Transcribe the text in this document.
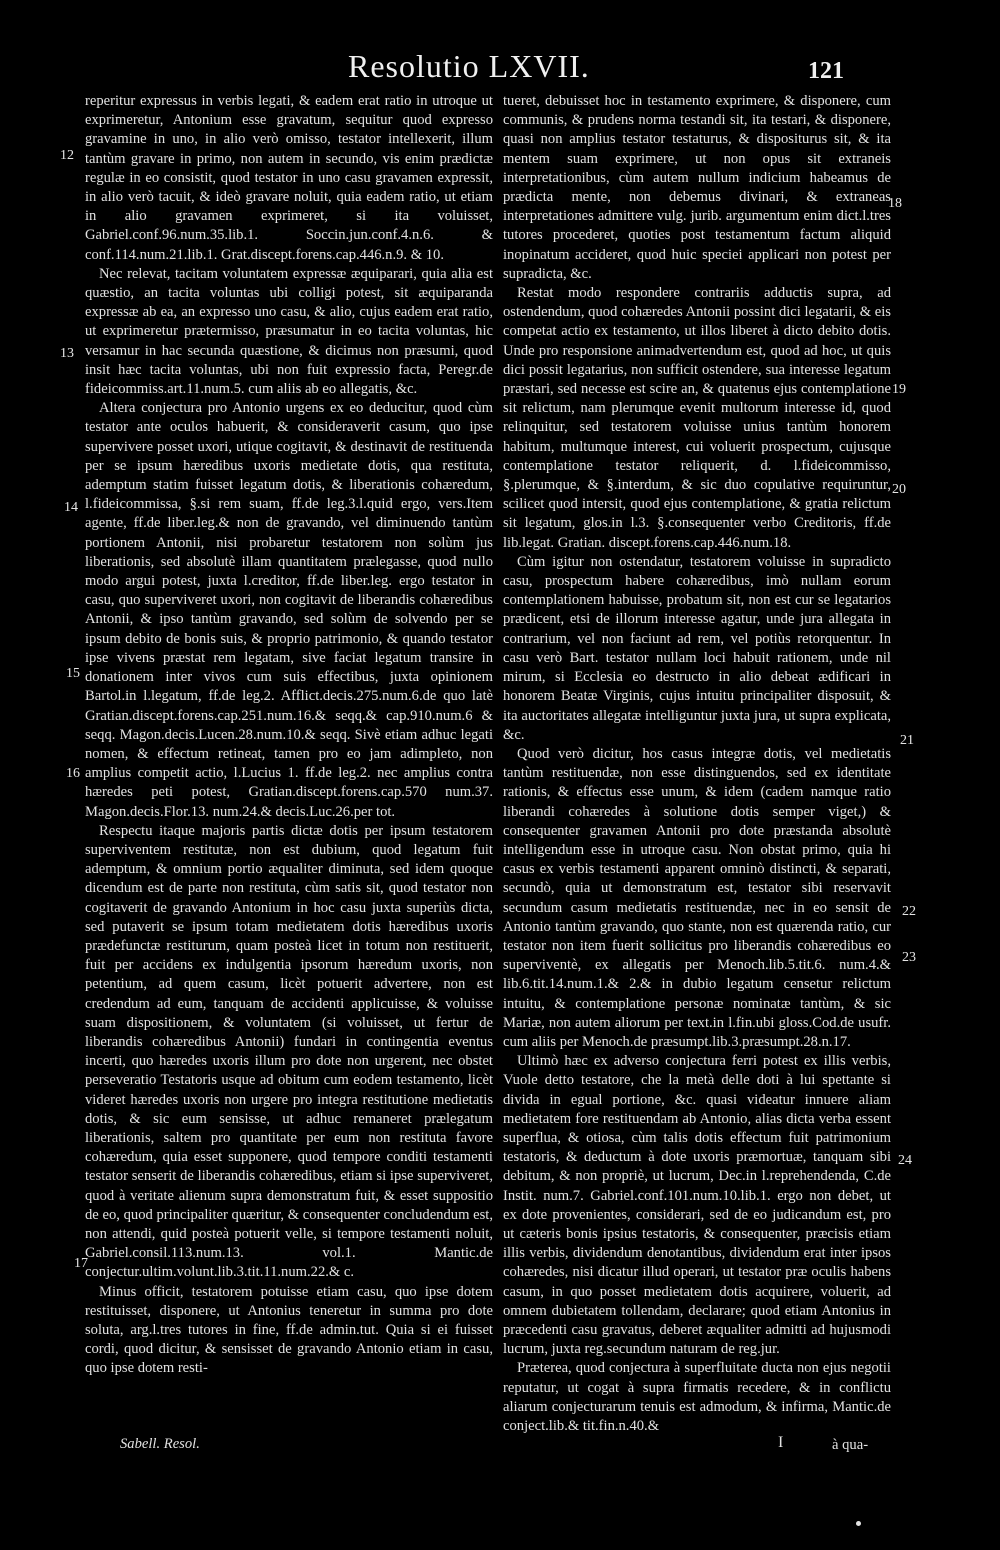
Resolutio LXVII.	121

reperitur expressus in verbis legati, & eadem erat ratio in utroque ut exprimeretur, Antonium esse gravatum, sequitur quod expresso gravamine in uno, in alio verò omisso, testator intellexerit, illum tantùm gravare in primo, non autem in secundo, vis enim prædictæ regulæ in eo consistit, quod testator in uno casu gravamen expressit, in alio verò tacuit, & ideò gravare noluit, quia eadem ratio, ut etiam in alio gravamen exprimeret, si ita voluisset, Gabriel.conf.96.num.35.lib.1. Soccin.jun.conf.4.n.6. & conf.114.num.21.lib.1. Grat.discept.forens.cap.446.n.9. & 10.

Nec relevat, tacitam voluntatem expressæ æquiparari, quia alia est quæstio, an tacita voluntas ubi colligi potest, sit æquiparanda expressæ ab ea, an expresso uno casu, & alio, cujus eadem erat ratio, ut exprimeretur prætermisso, præsumatur in eo tacita voluntas, hic versamur in hac secunda quæstione, & dicimus non præsumi, quod insit hæc tacita voluntas, ubi non fuit expressio facta, Peregr.de fideicommiss.art.11.num.5. cum aliis ab eo allegatis, &c.

Altera conjectura pro Antonio urgens ex eo deducitur, quod cùm testator ante oculos habuerit, & consideraverit casum, quo ipse supervivere posset uxori, utique cogitavit, & destinavit de restituenda per se ipsum hæredibus uxoris medietate dotis, qua restituta, ademptum statim fuisset legatum dotis, & liberationis cohæredum, l.fideicommissa, §.si rem suam, ff.de leg.3.l.quid ergo, vers.Item agente, ff.de liber.leg.& non de gravando, vel diminuendo tantùm portionem Antonii, nisi probaretur testatorem non solùm jus liberationis, sed absolutè illam quantitatem prælegasse, quod nullo modo argui potest, juxta l.creditor, ff.de liber.leg. ergo testator in casu, quo superviveret uxori, non cogitavit de liberandis cohæredibus Antonii, & ipso tantùm gravando, sed solùm de solvendo per se ipsum debito de bonis suis, & proprio patrimonio, & quando testator ipse vivens præstat rem legatam, sive faciat legatum transire in donationem inter vivos cum suis effectibus, juxta opinionem Bartol.in l.legatum, ff.de leg.2. Afflict.decis.275.num.6.de quo latè Gratian.discept.forens.cap.251.num.16.& seqq.& cap.910.num.6 & seqq. Magon.decis.Lucen.28.num.10.& seqq. Sivè etiam adhuc legati nomen, & effectum retineat, tamen pro eo jam adimpleto, non amplius competit actio, l.Lucius 1. ff.de leg.2. nec amplius contra hæredes peti potest, Gratian.discept.forens.cap.570 num.37. Magon.decis.Flor.13. num.24.& decis.Luc.26.per tot.

Respectu itaque majoris partis dictæ dotis per ipsum testatorem superviventem restitutæ, non est dubium, quod legatum fuit ademptum, & omnium portio æqualiter diminuta, sed idem quoque dicendum est de parte non restituta, cùm satis sit, quod testator non cogitaverit de gravando Antonium in hoc casu juxta superiùs dicta, sed putaverit se ipsum totam medietatem dotis hæredibus uxoris prædefunctæ restiturum, quam posteà licet in totum non restituerit, fuit per accidens ex indulgentia ipsorum hæredum uxoris, non petentium, ad quem casum, licèt potuerit advertere, non est credendum ad eum, tanquam de accidenti applicuisse, & voluisse suam dispositionem, & voluntatem (si voluisset, ut fertur de liberandis cohæredibus Antonii) fundari in contingentia eventus incerti, quo hæredes uxoris illum pro dote non urgerent, nec obstet perseveratio Testatoris usque ad obitum cum eodem testamento, licèt videret hæredes uxoris non urgere pro integra restitutione medietatis dotis, & sic eum sensisse, ut adhuc remaneret prælegatum liberationis, saltem pro quantitate per eum non restituta favore cohæredum, quia esset supponere, quod tempore conditi testamenti testator senserit de liberandis cohæredibus, etiam si ipse superviveret, quod à veritate alienum supra demonstratum fuit, & esset suppositio de eo, quod principaliter quæritur, & consequenter concludendum est, non attendi, quid posteà potuerit velle, si tempore testamenti noluit, Gabriel.consil.113.num.13. vol.1. Mantic.de conjectur.ultim.volunt.lib.3.tit.11.num.22.& c.

Minus officit, testatorem potuisse etiam casu, quo ipse dotem restituisset, disponere, ut Antonius teneretur in summa pro dote soluta, arg.l.tres tutores in fine, ff.de admin.tut. Quia si ei fuisset cordi, quod dicitur, & sensisset de gravando Antonio etiam in casu, quo ipse dotem resti-

tueret, debuisset hoc in testamento exprimere, & disponere, cum communis, & prudens norma testandi sit, ita testari, & disponere, quasi non amplius testator testaturus, & dispositurus sit, & ita mentem suam exprimere, ut non opus sit extraneis interpretationibus, cùm autem nullum indicium habeamus de prædicta mente, non debemus divinari, & extraneas interpretationes admittere vulg. jurib. argumentum enim dict.l.tres tutores procederet, quoties post testamentum factum aliquid inopinatum accideret, quod huic speciei applicari non potest per supradicta, &c.

Restat modo respondere contrariis adductis supra, ad ostendendum, quod cohæredes Antonii possint dici legatarii, & eis competat actio ex testamento, ut illos liberet à dicto debito dotis. Unde pro responsione animadvertendum est, quod ad hoc, ut quis dici possit legatarius, non sufficit ostendere, sua interesse legatum præstari, sed necesse est scire an, & quatenus ejus contemplatione sit relictum, nam plerumque evenit multorum interesse id, quod relinquitur, sed testatorem voluisse unius tantùm honorem habitum, multumque interest, cui voluerit prospectum, cujusque contemplatione testator reliquerit, d. l.fideicommisso, §.plerumque, & §.interdum, & sic duo copulative requiruntur, scilicet quod intersit, quod ejus contemplatione, & gratia relictum sit legatum, glos.in l.3. §.consequenter verbo Creditoris, ff.de lib.legat. Gratian. discept.forens.cap.446.num.18.

Cùm igitur non ostendatur, testatorem voluisse in supradicto casu, prospectum habere cohæredibus, imò nullam eorum contemplationem habuisse, probatum sit, non est cur se legatarios prædicent, etsi de illorum interesse agatur, unde jura allegata in contrarium, vel non faciunt ad rem, vel potiùs retorquentur. In casu verò Bart. testator nullam loci habuit rationem, unde nil mirum, si Ecclesia eo destructo in alio debeat ædificari in honorem Beatæ Virginis, cujus intuitu principaliter disposuit, & ita auctoritates allegatæ intelliguntur juxta jura, ut supra explicata, &c.

Quod verò dicitur, hos casus integræ dotis, vel medietatis tantùm restituendæ, non esse distinguendos, sed ex identitate rationis, & effectus esse unum, & idem (cadem namque ratio liberandi cohæredes à solutione dotis semper viget,) & consequenter gravamen Antonii pro dote præstanda absolutè intelligendum esse in utroque casu. Non obstat primo, quia hi casus ex verbis testamenti apparent omninò distincti, & separati, secundò, quia ut demonstratum est, testator sibi reservavit secundum casum medietatis restituendæ, nec in eo sensit de Antonio tantùm gravando, quo stante, non est quærenda ratio, cur testator non item fuerit sollicitus pro liberandis cohæredibus eo superviventè, ex allegatis per Menoch.lib.5.tit.6. num.4.& lib.6.tit.14.num.1.& 2.& in dubio legatum censetur relictum intuitu, & contemplatione personæ nominatæ tantùm, & sic Mariæ, non autem aliorum per text.in l.fin.ubi gloss.Cod.de usufr. cum aliis per Menoch.de præsumpt.lib.3.præsumpt.28.n.17.

Ultimò hæc ex adverso conjectura ferri potest ex illis verbis, Vuole detto testatore, che la metà delle doti à lui spettante si divida in egual portione, &c. quasi videatur innuere aliam medietatem fore restituendam ab Antonio, alias dicta verba essent superflua, & otiosa, cùm talis dotis effectum fuit patrimonium testatoris, & deductum à dote uxoris præmortuæ, tanquam sibi debitum, & non propriè, ut lucrum, Dec.in l.reprehendenda, C.de Instit. num.7. Gabriel.conf.101.num.10.lib.1. ergo non debet, ut ex dote provenientes, considerari, sed de eo judicandum est, pro ut cæteris bonis ipsius testatoris, & consequenter, præcisis etiam illis verbis, dividendum denotantibus, dividendum erat inter ipsos cohæredes, nisi dicatur illud operari, ut testator præ oculis habens casum, in quo posset medietatem dotis acquirere, voluerit, ad omnem dubietatem tollendam, declarare; quod etiam Antonius in præcedenti casu gravatus, deberet æqualiter admitti ad hujusmodi lucrum, juxta reg.secundum naturam de reg.jur.

Præterea, quod conjectura à superfluitate ducta non ejus negotii reputatur, ut cogat à supra firmatis recedere, & in conflictu aliarum conjecturarum tenuis est admodum, & infirma, Mantic.de conject.lib.& tit.fin.n.40.&

12
13
14
15
16
17
18
19
20
21
22
23
24
Sabell. Resol.	I	à qua-
